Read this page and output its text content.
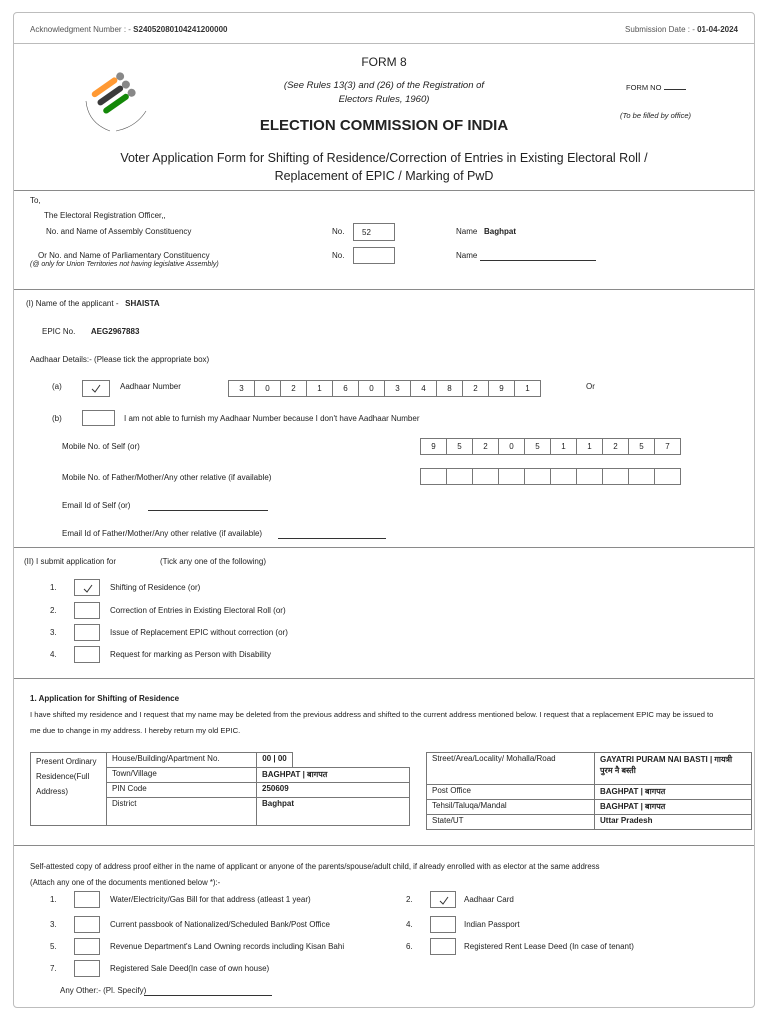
Acknowledgment Number : - S24052080104241200000	Submission Date : - 01-04-2024
FORM 8
(See Rules 13(3) and (26) of the Registration of
Electors Rules, 1960)
ELECTION COMMISSION OF INDIA
FORM NO
(To be filled by office)
Voter Application Form for Shifting of Residence/Correction of Entries in Existing Electoral Roll /
Replacement of EPIC / Marking of PwD
To,
The Electoral Registration Officer,,
No. and Name of Assembly Constituency	No.	52	Name Baghpat
Or No. and Name of Parliamentary Constituency
(@ only for Union Territories not having legislative Assembly)
No.	Name
(I) Name of the applicant - SHAISTA
EPIC No. AEG2967883
Aadhaar Details:- (Please tick the appropriate box)
(a)	Aadhaar Number	3	0	2	1	6	0	3	4	8	2	9	1	Or
(b)	I am not able to furnish my Aadhaar Number because I don't have Aadhaar Number
Mobile No. of Self (or)	9	5	2	0	5	1	1	2	5	7
Mobile No. of Father/Mother/Any other relative (if available)
Email Id of Self (or)
Email Id of Father/Mother/Any other relative (if available)
(II) I submit application for	(Tick any one of the following)
1. Application for Shifting of Residence
I have shifted my residence and I request that my name may be deleted from the previous address and shifted to the current address mentioned below. I request that a replacement EPIC may be issued to
me due to change in my address. I hereby return my old EPIC.
Present Ordinary Residence(Full Address)	House/Building/Apartment No.	00 | 00	
	Town/Village	BAGHPAT | बागपत	
	PIN Code	250609	
	District	Baghpat	
Street/Area/Locality/ Mohalla/Road	GAYATRI PURAM NAI BASTI | गायत्री पुरम नै बस्ती
Post Office	BAGHPAT | बागपत
Tehsil/Taluqa/Mandal	BAGHPAT | बागपत
State/UT	Uttar Pradesh
Self-attested copy of address proof either in the name of applicant or anyone of the parents/spouse/adult child, if already enrolled with as elector at the same address
(Attach any one of the documents mentioned below *):-
Any Other:- (Pl. Specify)
1.	Shifting of Residence (or)
2.	Correction of Entries in Existing Electoral Roll (or)
3.	Issue of Replacement EPIC without correction (or)
4.	Request for marking as Person with Disability
1.	Water/Electricity/Gas Bill for that address (atleast 1 year)	2.	Aadhaar Card
3.	Current passbook of Nationalized/Scheduled Bank/Post Office	4.	Indian Passport
5.	Revenue Department's Land Owning records including Kisan Bahi	6.	Registered Rent Lease Deed (In case of tenant)
7.	Registered Sale Deed(In case of own house)
